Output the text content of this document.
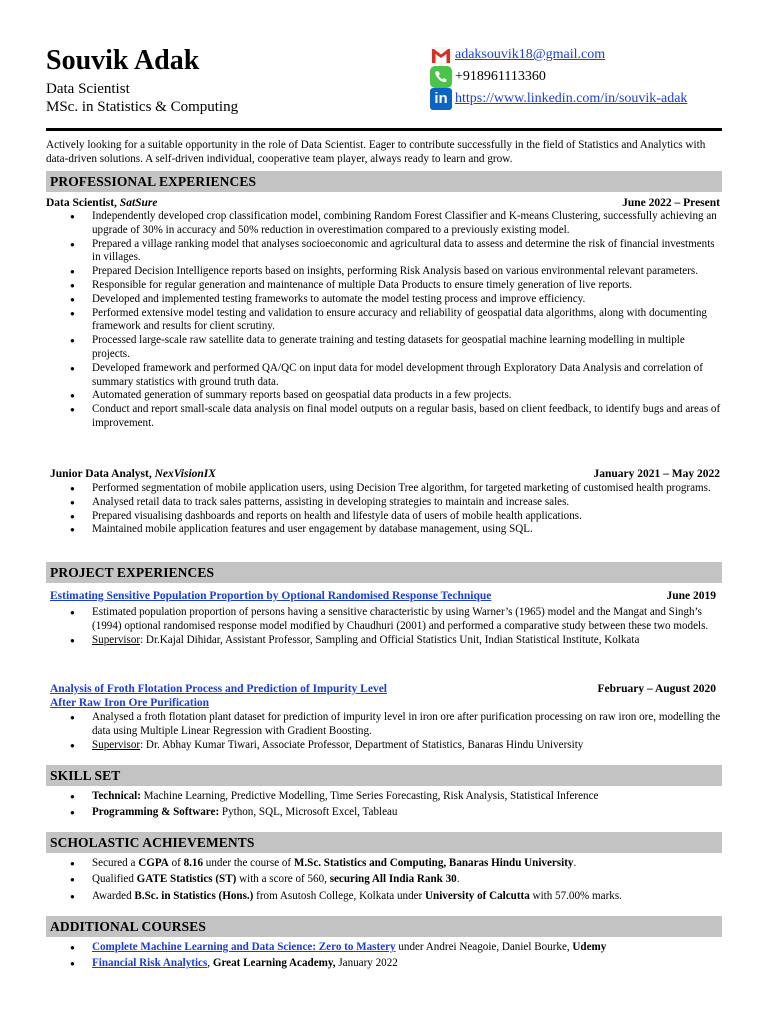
Souvik Adak
Data Scientist
MSc. in Statistics & Computing
adaksouvik18@gmail.com
+918961113360
in https://www.linkedin.com/in/souvik-adak
Actively looking for a suitable opportunity in the role of Data Scientist. Eager to contribute successfully in the field of Statistics and Analytics with data-driven solutions. A self-driven individual, cooperative team player, always ready to learn and grow.
PROFESSIONAL EXPERIENCES
Data Scientist, SatSure	June 2022 – Present
● Independently developed crop classification model, combining Random Forest Classifier and K-means Clustering, successfully achieving an upgrade of 30% in accuracy and 50% reduction in overestimation compared to a previously existing model.
● Prepared a village ranking model that analyses socioeconomic and agricultural data to assess and determine the risk of financial investments in villages.
● Prepared Decision Intelligence reports based on insights, performing Risk Analysis based on various environmental relevant parameters.
● Responsible for regular generation and maintenance of multiple Data Products to ensure timely generation of live reports.
● Developed and implemented testing frameworks to automate the model testing process and improve efficiency.
● Performed extensive model testing and validation to ensure accuracy and reliability of geospatial data algorithms, along with documenting framework and results for client scrutiny.
● Processed large-scale raw satellite data to generate training and testing datasets for geospatial machine learning modelling in multiple projects.
● Developed framework and performed QA/QC on input data for model development through Exploratory Data Analysis and correlation of summary statistics with ground truth data.
● Automated generation of summary reports based on geospatial data products in a few projects.
● Conduct and report small-scale data analysis on final model outputs on a regular basis, based on client feedback, to identify bugs and areas of improvement.
Junior Data Analyst, NexVisionIX	January 2021 – May 2022
● Performed segmentation of mobile application users, using Decision Tree algorithm, for targeted marketing of customised health programs.
● Analysed retail data to track sales patterns, assisting in developing strategies to maintain and increase sales.
● Prepared visualising dashboards and reports on health and lifestyle data of users of mobile health applications.
● Maintained mobile application features and user engagement by database management, using SQL.
PROJECT EXPERIENCES
Estimating Sensitive Population Proportion by Optional Randomised Response Technique	June 2019
● Estimated population proportion of persons having a sensitive characteristic by using Warner’s (1965) model and the Mangat and Singh’s (1994) optional randomised response model modified by Chaudhuri (2001) and performed a comparative study between these two models.
● Supervisor: Dr.Kajal Dihidar, Assistant Professor, Sampling and Official Statistics Unit, Indian Statistical Institute, Kolkata
Analysis of Froth Flotation Process and Prediction of Impurity Level
After Raw Iron Ore Purification
February – August 2020
● Analysed a froth flotation plant dataset for prediction of impurity level in iron ore after purification processing on raw iron ore, modelling the data using Multiple Linear Regression with Gradient Boosting.
● Supervisor: Dr. Abhay Kumar Tiwari, Associate Professor, Department of Statistics, Banaras Hindu University
SKILL SET
● Technical: Machine Learning, Predictive Modelling, Time Series Forecasting, Risk Analysis, Statistical Inference
● Programming & Software: Python, SQL, Microsoft Excel, Tableau
SCHOLASTIC ACHIEVEMENTS
● Secured a CGPA of 8.16 under the course of M.Sc. Statistics and Computing, Banaras Hindu University.
● Qualified GATE Statistics (ST) with a score of 560, securing All India Rank 30.
● Awarded B.Sc. in Statistics (Hons.) from Asutosh College, Kolkata under University of Calcutta with 57.00% marks.
ADDITIONAL COURSES
● Complete Machine Learning and Data Science: Zero to Mastery under Andrei Neagoie, Daniel Bourke, Udemy
● Financial Risk Analytics, Great Learning Academy, January 2022
